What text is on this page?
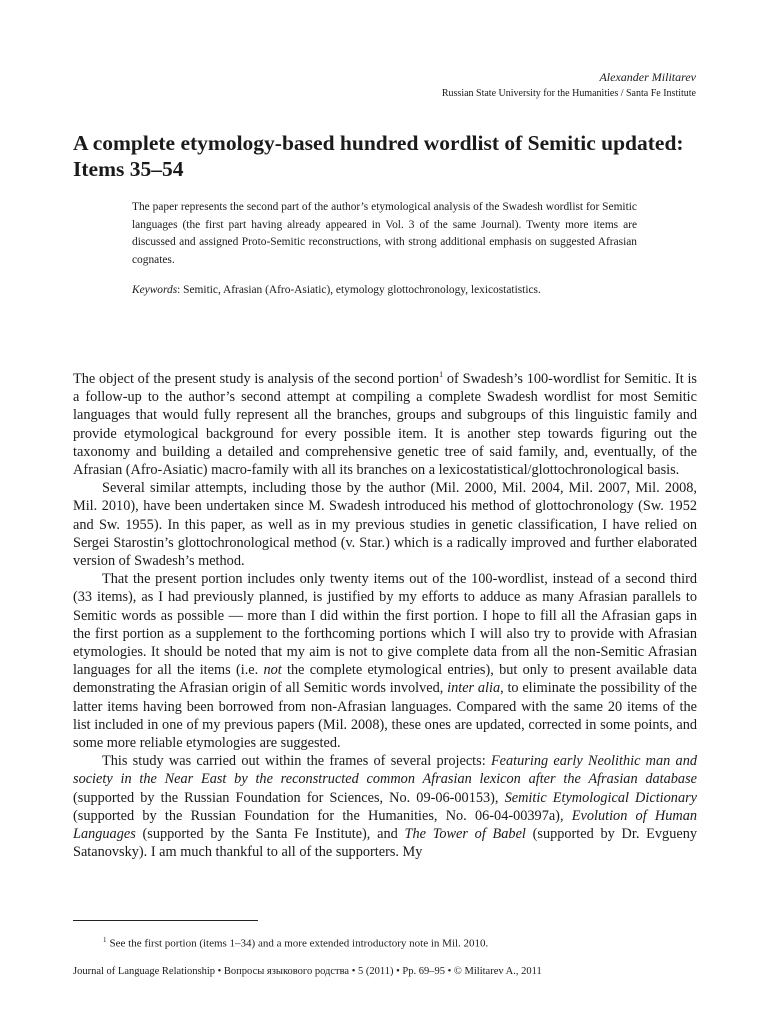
Alexander Militarev
Russian State University for the Humanities / Santa Fe Institute
A complete etymology-based hundred wordlist of Semitic updated:
Items 35–54

The paper represents the second part of the author’s etymological analysis of the Swadesh wordlist for Semitic languages (the first part having already appeared in Vol. 3 of the same Journal). Twenty more items are discussed and assigned Proto-Semitic reconstructions, with strong additional emphasis on suggested Afrasian cognates.

Keywords: Semitic, Afrasian (Afro-Asiatic), etymology glottochronology, lexicostatistics.

The object of the present study is analysis of the second portion$^1$ of Swadesh’s 100-wordlist for Semitic. It is a follow-up to the author’s second attempt at compiling a complete Swadesh wordlist for most Semitic languages that would fully represent all the branches, groups and subgroups of this linguistic family and provide etymological background for every possible item. It is another step towards figuring out the taxonomy and building a detailed and comprehensive genetic tree of said family, and, eventually, of the Afrasian (Afro-Asiatic) macro-family with all its branches on a lexicostatistical/glottochronological basis.

Several similar attempts, including those by the author (Mil. 2000, Mil. 2004, Mil. 2007, Mil. 2008, Mil. 2010), have been undertaken since M. Swadesh introduced his method of glottochronology (Sw. 1952 and Sw. 1955). In this paper, as well as in my previous studies in genetic classification, I have relied on Sergei Starostin’s glottochronological method (v. Star.) which is a radically improved and further elaborated version of Swadesh’s method.

That the present portion includes only twenty items out of the 100-wordlist, instead of a second third (33 items), as I had previously planned, is justified by my efforts to adduce as many Afrasian parallels to Semitic words as possible — more than I did within the first portion. I hope to fill all the Afrasian gaps in the first portion as a supplement to the forthcoming portions which I will also try to provide with Afrasian etymologies. It should be noted that my aim is not to give complete data from all the non-Semitic Afrasian languages for all the items (i.e. not the complete etymological entries), but only to present available data demonstrating the Afrasian origin of all Semitic words involved, inter alia, to eliminate the possibility of the latter items having been borrowed from non-Afrasian languages. Compared with the same 20 items of the list included in one of my previous papers (Mil. 2008), these ones are updated, corrected in some points, and some more reliable etymologies are suggested.

This study was carried out within the frames of several projects: Featuring early Neolithic man and society in the Near East by the reconstructed common Afrasian lexicon after the Afrasian database (supported by the Russian Foundation for Sciences, No. 09-06-00153), Semitic Etymological Dictionary (supported by the Russian Foundation for the Humanities, No. 06-04-00397a), Evolution of Human Languages (supported by the Santa Fe Institute), and The Tower of Babel (supported by Dr. Evgueny Satanovsky). I am much thankful to all of the supporters. My

$^1$ See the first portion (items 1–34) and a more extended introductory note in Mil. 2010.
Journal of Language Relationship • Вопросы языкового родства • 5 (2011) • Pp. 69–95 • © Militarev A., 2011
